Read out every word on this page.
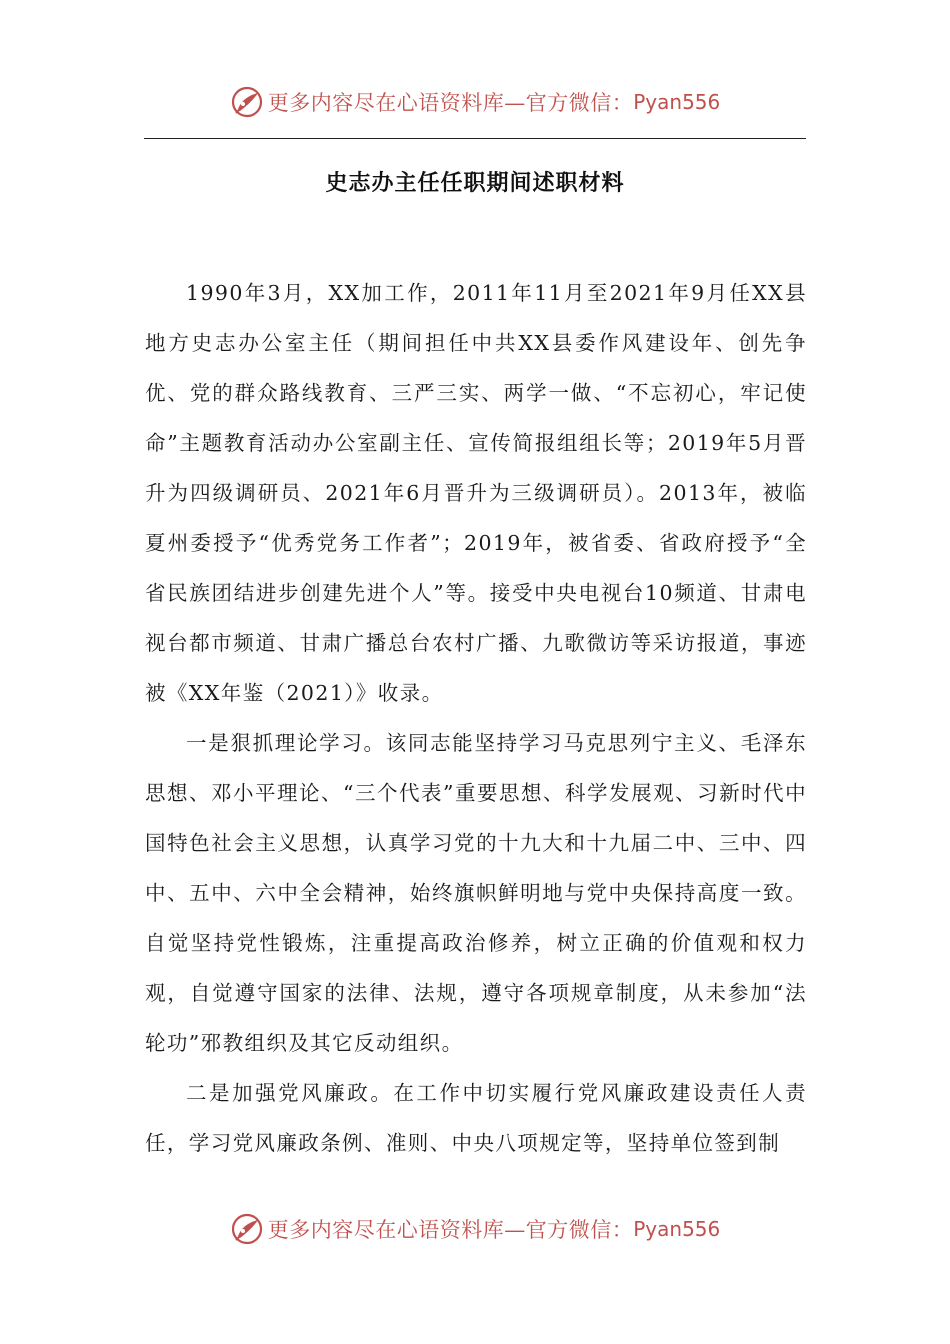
更多内容尽在心语资料库—官方微信： Pyan556
史志办主任任职期间述职材料

1990年3月，XX加工作，2011年11月至2021年9月任XX县地方史志办公室主任（期间担任中共XX县委作风建设年、创先争优、党的群众路线教育、三严三实、两学一做、“不忘初心，牢记使命”主题教育活动办公室副主任、宣传简报组组长等；2019年5月晋升为四级调研员、2021年6月晋升为三级调研员）。2013年，被临夏州委授予“优秀党务工作者”；2019年，被省委、省政府授予“全省民族团结进步创建先进个人”等。接受中央电视台10频道、甘肃电视台都市频道、甘肃广播总台农村广播、九歌微访等采访报道，事迹被《XX年鉴（2021）》收录。

一是狠抓理论学习。该同志能坚持学习马克思列宁主义、毛泽东思想、邓小平理论、“三个代表”重要思想、科学发展观、习新时代中国特色社会主义思想，认真学习党的十九大和十九届二中、三中、四中、五中、六中全会精神，始终旗帜鲜明地与党中央保持高度一致。自觉坚持党性锻炼，注重提高政治修养，树立正确的价值观和权力观，自觉遵守国家的法律、法规，遵守各项规章制度，从未参加“法轮功”邪教组织及其它反动组织。

二是加强党风廉政。在工作中切实履行党风廉政建设责任人责任，学习党风廉政条例、准则、中央八项规定等，坚持单位签到制

更多内容尽在心语资料库—官方微信： Pyan556
